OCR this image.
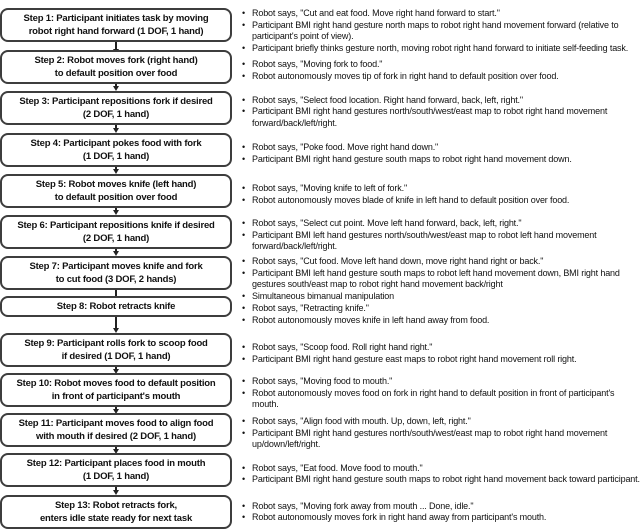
Step 1: Participant initiates task by moving
robot right hand forward (1 DOF, 1 hand)
• Robot says, "Cut and eat food. Move right hand forward to start."
• Participant BMI right hand gesture north maps to robot right hand movement forward (relative to participant's point of view).
• Participant briefly thinks gesture north, moving robot right hand forward to initiate self-feeding task.
Step 2: Robot moves fork (right hand)
to default position over food
• Robot says, "Moving fork to food."
• Robot autonomously moves tip of fork in right hand to default position over food.
Step 3: Participant repositions fork if desired
(2 DOF, 1 hand)
• Robot says, "Select food location. Right hand forward, back, left, right."
• Participant BMI right hand gestures north/south/west/east map to robot right hand movement forward/back/left/right.
Step 4: Participant pokes food with fork
(1 DOF, 1 hand)
• Robot says, "Poke food. Move right hand down."
• Participant BMI right hand gesture south maps to robot right hand movement down.
Step 5: Robot moves knife (left hand)
to default position over food
• Robot says, "Moving knife to left of fork."
• Robot autonomously moves blade of knife in left hand to default position over food.
Step 6: Participant repositions knife if desired
(2 DOF, 1 hand)
• Robot says, "Select cut point. Move left hand forward, back, left, right."
• Participant BMI left hand gestures north/south/west/east map to robot left hand movement forward/back/left/right.
Step 7: Participant moves knife and fork
to cut food (3 DOF, 2 hands)
• Robot says, "Cut food. Move left hand down, move right hand right or back."
• Participant BMI left hand gesture south maps to robot left hand movement down, BMI right hand gestures south/east map to robot right hand movement back/right
• Simultaneous bimanual manipulation
Step 8: Robot retracts knife	• Robot says, "Retracting knife."
• Robot autonomously moves knife in left hand away from food.
Step 9: Participant rolls fork to scoop food
if desired (1 DOF, 1 hand)
• Robot says, "Scoop food. Roll right hand right."
• Participant BMI right hand gesture east maps to robot right hand movement roll right.
Step 10: Robot moves food to default position
in front of participant's mouth
• Robot says, "Moving food to mouth."
• Robot autonomously moves food on fork in right hand to default position in front of participant's mouth.
Step 11: Participant moves food to align food
with mouth if desired (2 DOF, 1 hand)
• Robot says, "Align food with mouth. Up, down, left, right."
• Participant BMI right hand gestures north/south/west/east map to robot right hand movement up/down/left/right.
Step 12: Participant places food in mouth
(1 DOF, 1 hand)
• Robot says, "Eat food. Move food to mouth."
• Participant BMI right hand gesture south maps to robot right hand movement back toward participant.
Step 13: Robot retracts fork,
enters idle state ready for next task
• Robot says, "Moving fork away from mouth ... Done, idle."
• Robot autonomously moves fork in right hand away from participant's mouth.
